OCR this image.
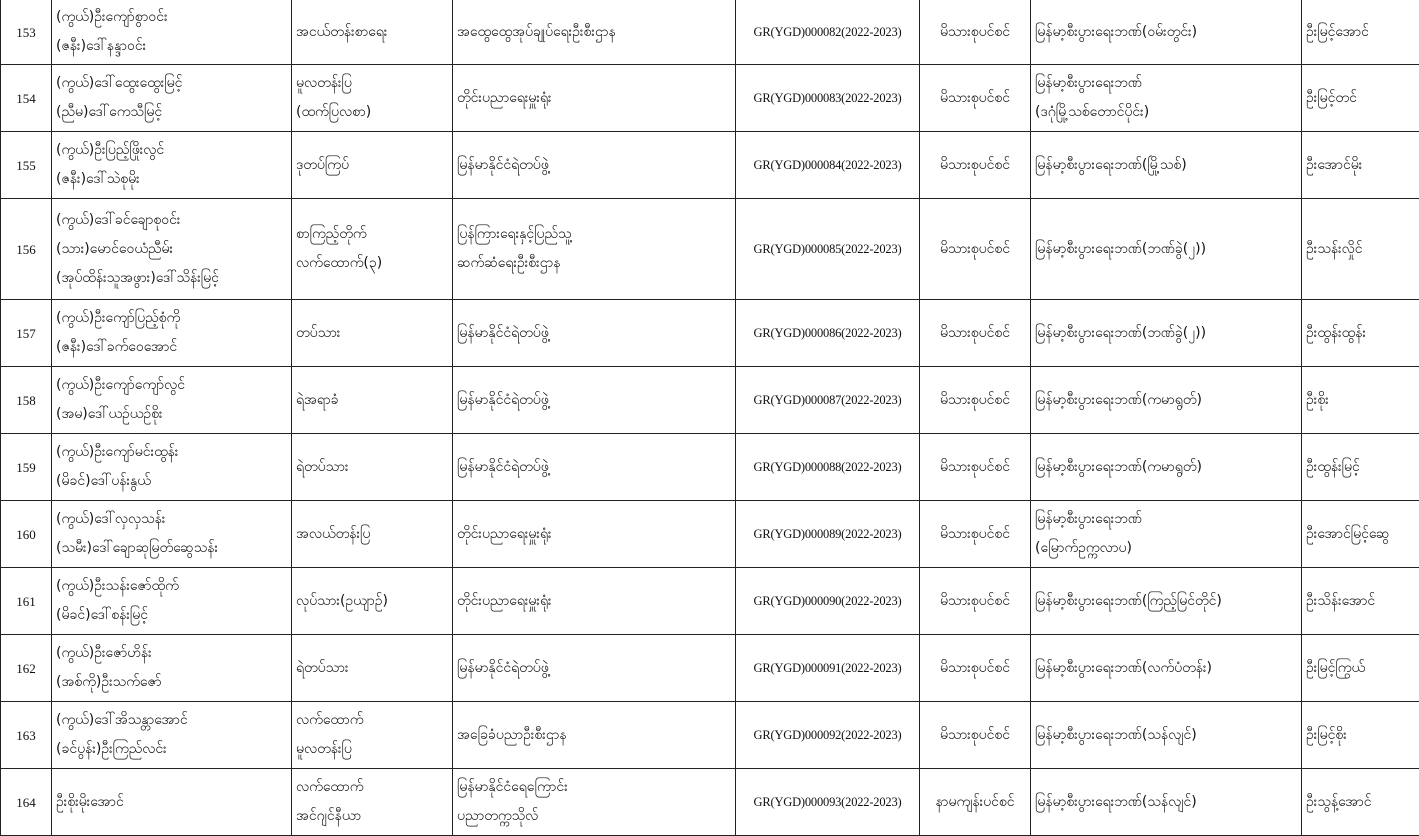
153	(ကွယ်)ဦးကျော်စွာဝင်း
(ဇနီး)ဒေါ်နန္ဒာဝင်း	အငယ်တန်းစာရေး	အထွေထွေအုပ်ချုပ်ရေးဦးစီးဌာန	GR(YGD)000082(2022-2023)	မိသားစုပင်စင်	မြန်မာ့စီးပွားရေးဘဏ်(ဝမ်းတွင်း)	ဦးမြင့်အောင်
154	(ကွယ်)ဒေါ်ထွေးထွေးမြင့်
(ညီမ)ဒေါ်ကေသီမြင့်	မူလတန်းပြ
(ထက်ပြလစာ)	တိုင်းပညာရေးမှူးရုံး	GR(YGD)000083(2022-2023)	မိသားစုပင်စင်	မြန်မာ့စီးပွားရေးဘဏ်
(ဒဂုံမြို့သစ်တောင်ပိုင်း)	ဦးမြင့်တင်
155	(ကွယ်)ဦးပြည့်ဖြိုးလွင်
(ဇနီး)ဒေါ်သဲစုမိုး	ဒုတပ်ကြပ်	မြန်မာနိုင်ငံရဲတပ်ဖွဲ့	GR(YGD)000084(2022-2023)	မိသားစုပင်စင်	မြန်မာ့စီးပွားရေးဘဏ်(မြို့သစ်)	ဦးအောင်မိုး
156	(ကွယ်)ဒေါ်ခင်ချောစုဝင်း
(သား)မောင်ဝေယံညီမ်း
(အုပ်ထိန်းသူအဖွား)ဒေါ်သိန်းမြင့်	စာကြည့်တိုက်
လက်ထောက်(၃)	ပြန်ကြားရေးနှင့်ပြည်သူ့
ဆက်ဆံရေးဦးစီးဌာန	GR(YGD)000085(2022-2023)	မိသားစုပင်စင်	မြန်မာ့စီးပွားရေးဘဏ်(ဘဏ်ခွဲ(၂))	ဦးသန်းလှိုင်
157	(ကွယ်)ဦးကျော်ပြည့်စုံကို
(ဇနီး)ဒေါ်ခက်ဝေအောင်	တပ်သား	မြန်မာနိုင်ငံရဲတပ်ဖွဲ့	GR(YGD)000086(2022-2023)	မိသားစုပင်စင်	မြန်မာ့စီးပွားရေးဘဏ်(ဘဏ်ခွဲ(၂))	ဦးထွန်းထွန်း
158	(ကွယ်)ဦးကျော်ကျော်လွင်
(အမ)ဒေါ်ယဉ်ယဉ်စိုး	ရဲအရာခံ	မြန်မာနိုင်ငံရဲတပ်ဖွဲ့	GR(YGD)000087(2022-2023)	မိသားစုပင်စင်	မြန်မာ့စီးပွားရေးဘဏ်(ကမာရွတ်)	ဦးစိုး
159	(ကွယ်)ဦးကျော်မင်းထွန်း
(မိခင်)ဒေါ်ပန်းနွယ်	ရဲတပ်သား	မြန်မာနိုင်ငံရဲတပ်ဖွဲ့	GR(YGD)000088(2022-2023)	မိသားစုပင်စင်	မြန်မာ့စီးပွားရေးဘဏ်(ကမာရွတ်)	ဦးထွန်းမြင့်
160	(ကွယ်)ဒေါ်လှလှသန်း
(သမီး)ဒေါ်ချောဆုမြတ်ဆွေသန်း	အလယ်တန်းပြ	တိုင်းပညာရေးမှူးရုံး	GR(YGD)000089(2022-2023)	မိသားစုပင်စင်	မြန်မာ့စီးပွားရေးဘဏ်
(မြောက်ဥက္ကလာပ)	ဦးအောင်မြင့်ဆွေ
161	(ကွယ်)ဦးသန်းဇော်ထိုက်
(မိခင်)ဒေါ်စန်းမြင့်	လုပ်သား(ဥယျာဉ်)	တိုင်းပညာရေးမှူးရုံး	GR(YGD)000090(2022-2023)	မိသားစုပင်စင်	မြန်မာ့စီးပွားရေးဘဏ်(ကြည့်မြင်တိုင်)	ဦးသိန်းအောင်
162	(ကွယ်)ဦးဇော်ဟိန်း
(အစ်ကို)ဦးသက်ဇော်	ရဲတပ်သား	မြန်မာနိုင်ငံရဲတပ်ဖွဲ့	GR(YGD)000091(2022-2023)	မိသားစုပင်စင်	မြန်မာ့စီးပွားရေးဘဏ်(လက်ပံတန်း)	ဦးမြင့်ကြွယ်
163	(ကွယ်)ဒေါ်အိသန္တာအောင်
(ခင်ပွန်း)ဦးကြည်လင်း	လက်ထောက်
မူလတန်းပြ	အခြေခံပညာဦးစီးဌာန	GR(YGD)000092(2022-2023)	မိသားစုပင်စင်	မြန်မာ့စီးပွားရေးဘဏ်(သန်လျင်)	ဦးမြင့်စိုး
164	ဦးစိုးမိုးအောင်	လက်ထောက်
အင်ဂျင်နီယာ	မြန်မာနိုင်ငံရေကြောင်း
ပညာတက္ကသိုလ်	GR(YGD)000093(2022-2023)	နာမကျန်းပင်စင်	မြန်မာ့စီးပွားရေးဘဏ်(သန်လျင်)	ဦးသွန့်အောင်
